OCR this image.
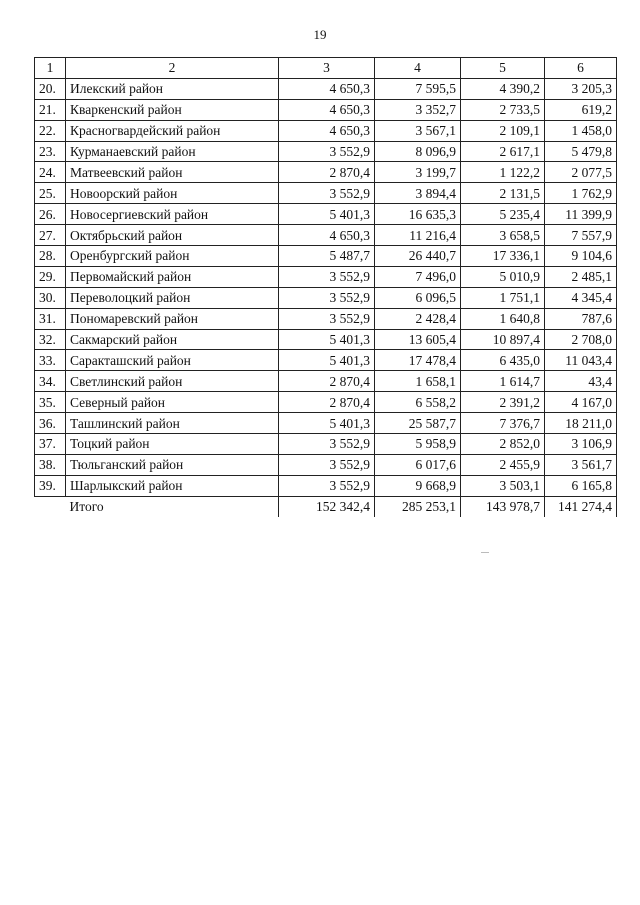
19
1	2	3	4	5	6
20.	Илекский район	4 650,3	7 595,5	4 390,2	3 205,3
21.	Кваркенский район	4 650,3	3 352,7	2 733,5	619,2
22.	Красногвардейский район	4 650,3	3 567,1	2 109,1	1 458,0
23.	Курманаевский район	3 552,9	8 096,9	2 617,1	5 479,8
24.	Матвеевский район	2 870,4	3 199,7	1 122,2	2 077,5
25.	Новоорский район	3 552,9	3 894,4	2 131,5	1 762,9
26.	Новосергиевский район	5 401,3	16 635,3	5 235,4	11 399,9
27.	Октябрьский район	4 650,3	11 216,4	3 658,5	7 557,9
28.	Оренбургский район	5 487,7	26 440,7	17 336,1	9 104,6
29.	Первомайский район	3 552,9	7 496,0	5 010,9	2 485,1
30.	Переволоцкий район	3 552,9	6 096,5	1 751,1	4 345,4
31.	Пономаревский район	3 552,9	2 428,4	1 640,8	787,6
32.	Сакмарский район	5 401,3	13 605,4	10 897,4	2 708,0
33.	Саракташский район	5 401,3	17 478,4	6 435,0	11 043,4
34.	Светлинский район	2 870,4	1 658,1	1 614,7	43,4
35.	Северный район	2 870,4	6 558,2	2 391,2	4 167,0
36.	Ташлинский район	5 401,3	25 587,7	7 376,7	18 211,0
37.	Тоцкий район	3 552,9	5 958,9	2 852,0	3 106,9
38.	Тюльганский район	3 552,9	6 017,6	2 455,9	3 561,7
39.	Шарлыкский район	3 552,9	9 668,9	3 503,1	6 165,8
	Итого	152 342,4	285 253,1	143 978,7	141 274,4
